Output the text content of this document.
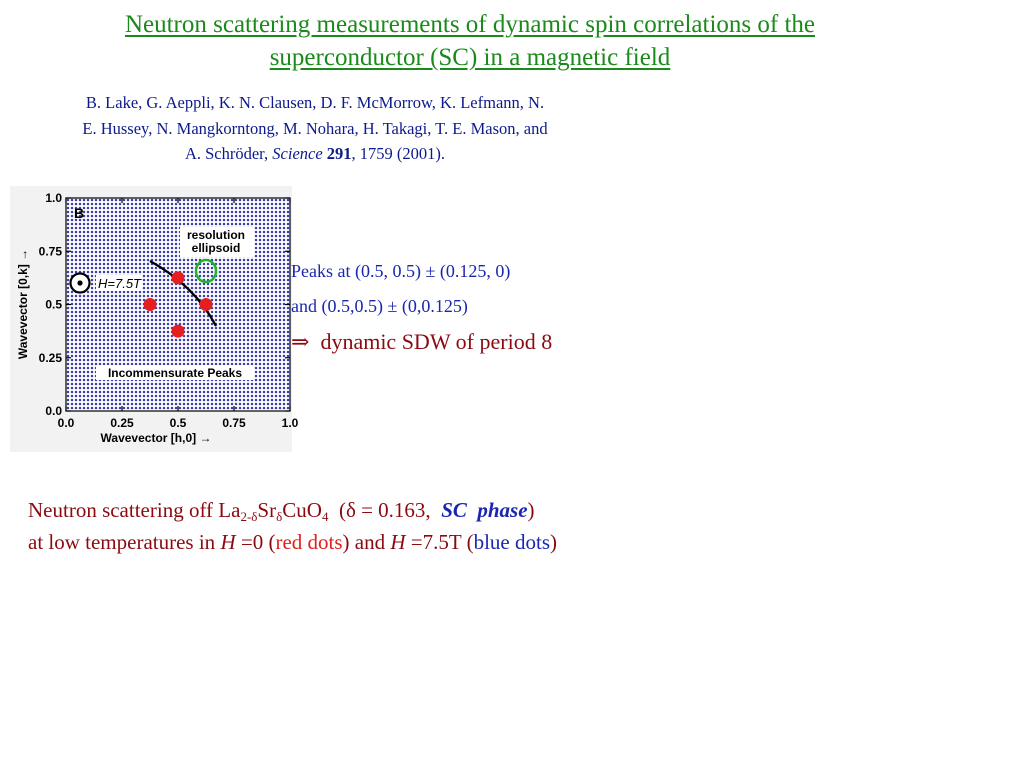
Neutron scattering measurements of dynamic spin correlations of the
superconductor (SC) in a magnetic field
B. Lake, G. Aeppli, K. N. Clausen, D. F. McMorrow, K. Lefmann, N.
E. Hussey, N. Mangkorntong, M. Nohara, H. Takagi, T. E. Mason, and
A. Schröder, Science 291, 1759 (2001).
B
resolution
ellipsoid
H=7.5T
Incommensurate Peaks
0.0
0.0
0.25
0.25
0.5
0.5
0.75
0.75
1.0
1.0
Wavevector [h,0] →
Wavevector [0,k] →	Peaks at (0.5, 0.5) ± (0.125, 0)
and (0.5,0.5) ± (0,0.125)
⇒  dynamic SDW of period 8
Neutron scattering off $La_{2-\delta}Sr_\delta CuO_4$  (δ = 0.163,  SC  phase)
at low temperatures in H =0 (red dots) and H =7.5T (blue dots)
